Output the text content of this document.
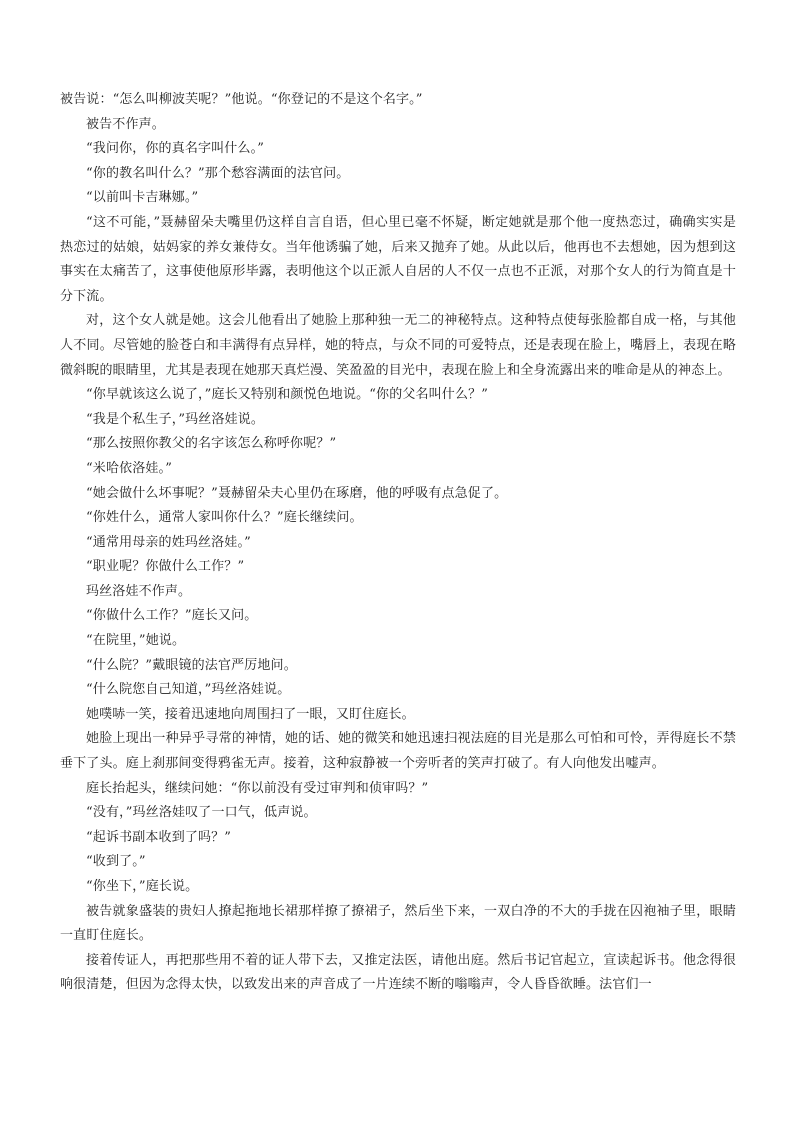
被告说：“怎么叫柳波芙呢？”他说。“你登记的不是这个名字。”

被告不作声。

“我问你，你的真名字叫什么。”

“你的教名叫什么？”那个愁容满面的法官问。

“以前叫卡吉琳娜。”

“这不可能，”聂赫留朵夫嘴里仍这样自言自语，但心里已毫不怀疑，断定她就是那个他一度热恋过，确确实实是热恋过的姑娘，姑妈家的养女兼侍女。当年他诱骗了她，后来又抛弃了她。从此以后，他再也不去想她，因为想到这事实在太痛苦了，这事使他原形毕露，表明他这个以正派人自居的人不仅一点也不正派，对那个女人的行为简直是十分下流。

对，这个女人就是她。这会儿他看出了她脸上那种独一无二的神秘特点。这种特点使每张脸都自成一格，与其他人不同。尽管她的脸苍白和丰满得有点异样，她的特点，与众不同的可爱特点，还是表现在脸上，嘴唇上，表现在略微斜睨的眼睛里，尤其是表现在她那天真烂漫、笑盈盈的目光中，表现在脸上和全身流露出来的唯命是从的神态上。

“你早就该这么说了，”庭长又特别和颜悦色地说。“你的父名叫什么？”

“我是个私生子，”玛丝洛娃说。

“那么按照你教父的名字该怎么称呼你呢？”

“米哈依洛娃。”

“她会做什么坏事呢？”聂赫留朵夫心里仍在琢磨，他的呼吸有点急促了。

“你姓什么，通常人家叫你什么？”庭长继续问。

“通常用母亲的姓玛丝洛娃。”

“职业呢？你做什么工作？”

玛丝洛娃不作声。

“你做什么工作？”庭长又问。

“在院里，”她说。

“什么院？”戴眼镜的法官严厉地问。

“什么院您自己知道，”玛丝洛娃说。

她噗哧一笑，接着迅速地向周围扫了一眼，又盯住庭长。

她脸上现出一种异乎寻常的神情，她的话、她的微笑和她迅速扫视法庭的目光是那么可怕和可怜，弄得庭长不禁垂下了头。庭上刹那间变得鸦雀无声。接着，这种寂静被一个旁听者的笑声打破了。有人向他发出嘘声。

庭长抬起头，继续问她：“你以前没有受过审判和侦审吗？”

“没有，”玛丝洛娃叹了一口气，低声说。

“起诉书副本收到了吗？”

“收到了。”

“你坐下，”庭长说。

被告就象盛装的贵妇人撩起拖地长裙那样撩了撩裙子，然后坐下来，一双白净的不大的手拢在囚袍袖子里，眼睛一直盯住庭长。

接着传证人，再把那些用不着的证人带下去，又推定法医，请他出庭。然后书记官起立，宣读起诉书。他念得很响很清楚，但因为念得太快，以致发出来的声音成了一片连续不断的嗡嗡声，令人昏昏欲睡。法官们一
